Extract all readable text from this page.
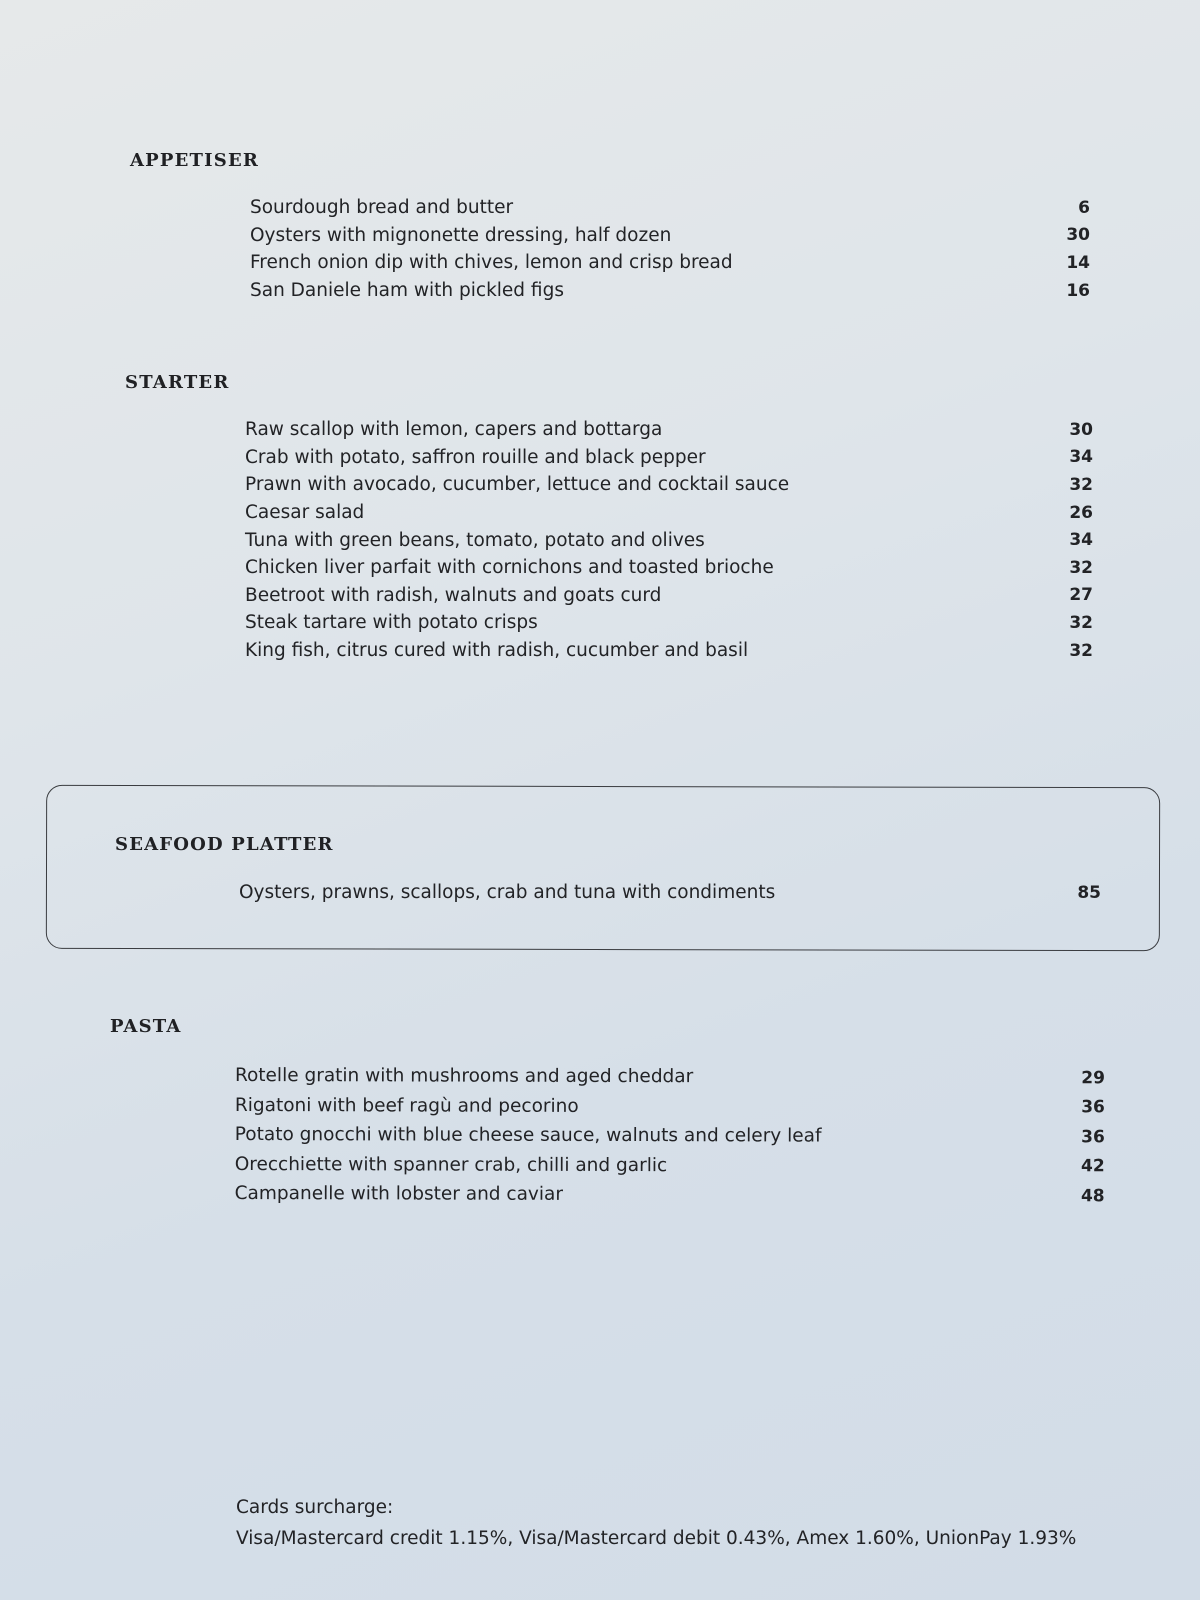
APPETISER
Sourdough bread and butter	6
Oysters with mignonette dressing, half dozen	30
French onion dip with chives, lemon and crisp bread	14
San Daniele ham with pickled figs	16
STARTER
Raw scallop with lemon, capers and bottarga	30
Crab with potato, saffron rouille and black pepper	34
Prawn with avocado, cucumber, lettuce and cocktail sauce	32
Caesar salad	26
Tuna with green beans, tomato, potato and olives	34
Chicken liver parfait with cornichons and toasted brioche	32
Beetroot with radish, walnuts and goats curd	27
Steak tartare with potato crisps	32
King fish, citrus cured with radish, cucumber and basil	32
SEAFOOD PLATTER
Oysters, prawns, scallops, crab and tuna with condiments	85
PASTA
Rotelle gratin with mushrooms and aged cheddar	29
Rigatoni with beef ragù and pecorino	36
Potato gnocchi with blue cheese sauce, walnuts and celery leaf	36
Orecchiette with spanner crab, chilli and garlic	42
Campanelle with lobster and caviar	48
Cards surcharge:
Visa/Mastercard credit 1.15%, Visa/Mastercard debit 0.43%, Amex 1.60%, UnionPay 1.93%
